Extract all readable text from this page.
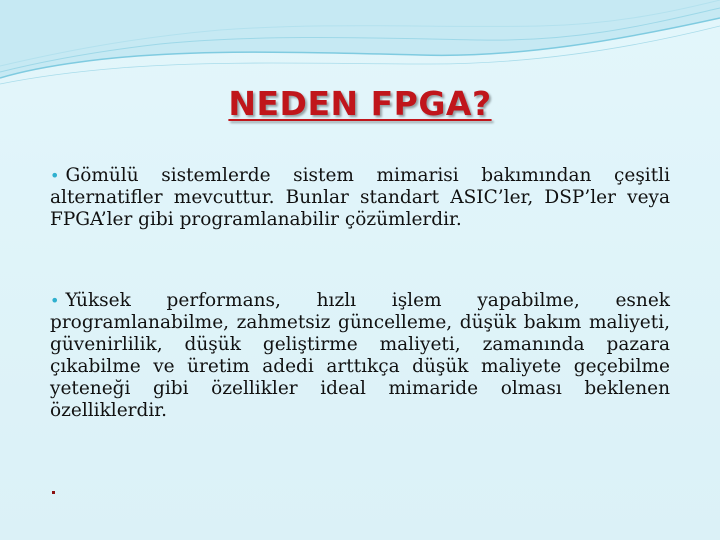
NEDEN FPGA?

• Gömülü sistemlerde sistem mimarisi bakımından çeşitli alternatifler mevcuttur. Bunlar standart ASIC’ler, DSP’ler veya FPGA’ler gibi programlanabilir çözümlerdir.

• Yüksek performans, hızlı işlem yapabilme, esnek programlanabilme, zahmetsiz güncelleme, düşük bakım maliyeti, güvenirlilik, düşük geliştirme maliyeti, zamanında pazara çıkabilme ve üretim adedi arttıkça düşük maliyete geçebilme yeteneği gibi özellikler ideal mimaride olması beklenen özelliklerdir.
